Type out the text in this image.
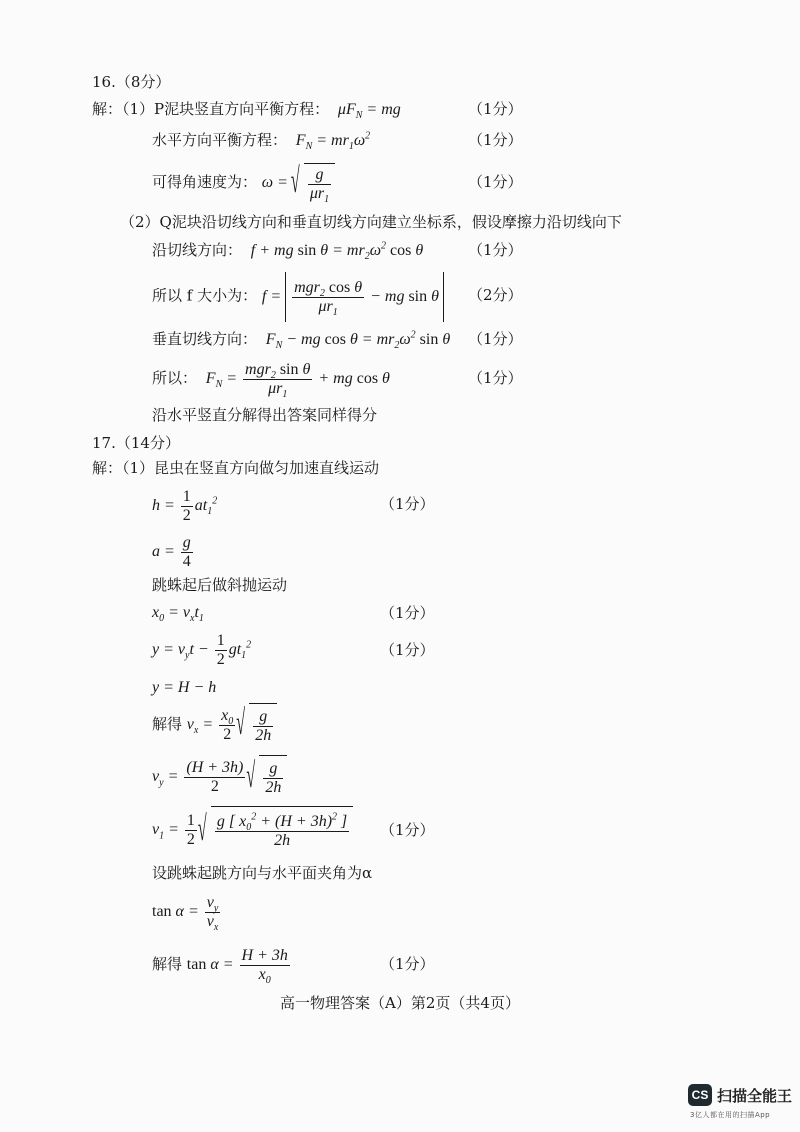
16.（8分）
解：（1）P泥块竖直方向平衡方程：  $\mu F_N$ = mg	（1分）
水平方向平衡方程：  $F_N = mr_1\omega^2$	（1分）
可得角速度为： ω = √ $\frac{g}{\mu r_1}$	（1分）
（2）Q泥块沿切线方向和垂直切线方向建立坐标系，假设摩擦力沿切线向下
沿切线方向：  f + mg $\sin \theta = mr_2\omega^2$ cos θ	（1分）
所以 f 大小为： $f = \frac{mgr_2 \cos \theta}{\mu r_1}$ − mg sin θ	（2分）
垂直切线方向：  $F_N$ − mg $\cos \theta = mr_2\omega^2$ sin θ （1分）
所以：  $F_N = \frac{mgr_2 \sin \theta}{\mu r_1}$ + mg cos θ	（1分）
沿水平竖直分解得出答案同样得分
17.（14分）
解：（1）昆虫在竖直方向做匀加速直线运动
$h = \frac{1}{2} at_1^2$	（1分）
$a = \frac{g}{4}$
跳蛛起后做斜抛运动
$x_0 = v_xt_1$	（1分）
$y = v_yt - \frac{1}{2} gt_1^2$	（1分）
y = H − h
解得 $v_x = \frac{x_0}{2}$ √ $\frac{g}{2h}$
$v_y = \frac{(H + 3h)}{2}$ √ $\frac{g}{2h}$
$v_1 = \frac{1}{2}$ √ $\frac{g [ x_0^2 + (H + 3h)^2 ]}{2h} (1$分）
设跳蛛起跳方向与水平面夹角为α
$\tan \alpha = \frac{v_y}{v_x}$
解得 $\tan \alpha = \frac{H + 3h}{x_0}$	（1分）
高一物理答案（A）第2页（共4页）
CS 扫描全能王
3亿人都在用的扫描App
